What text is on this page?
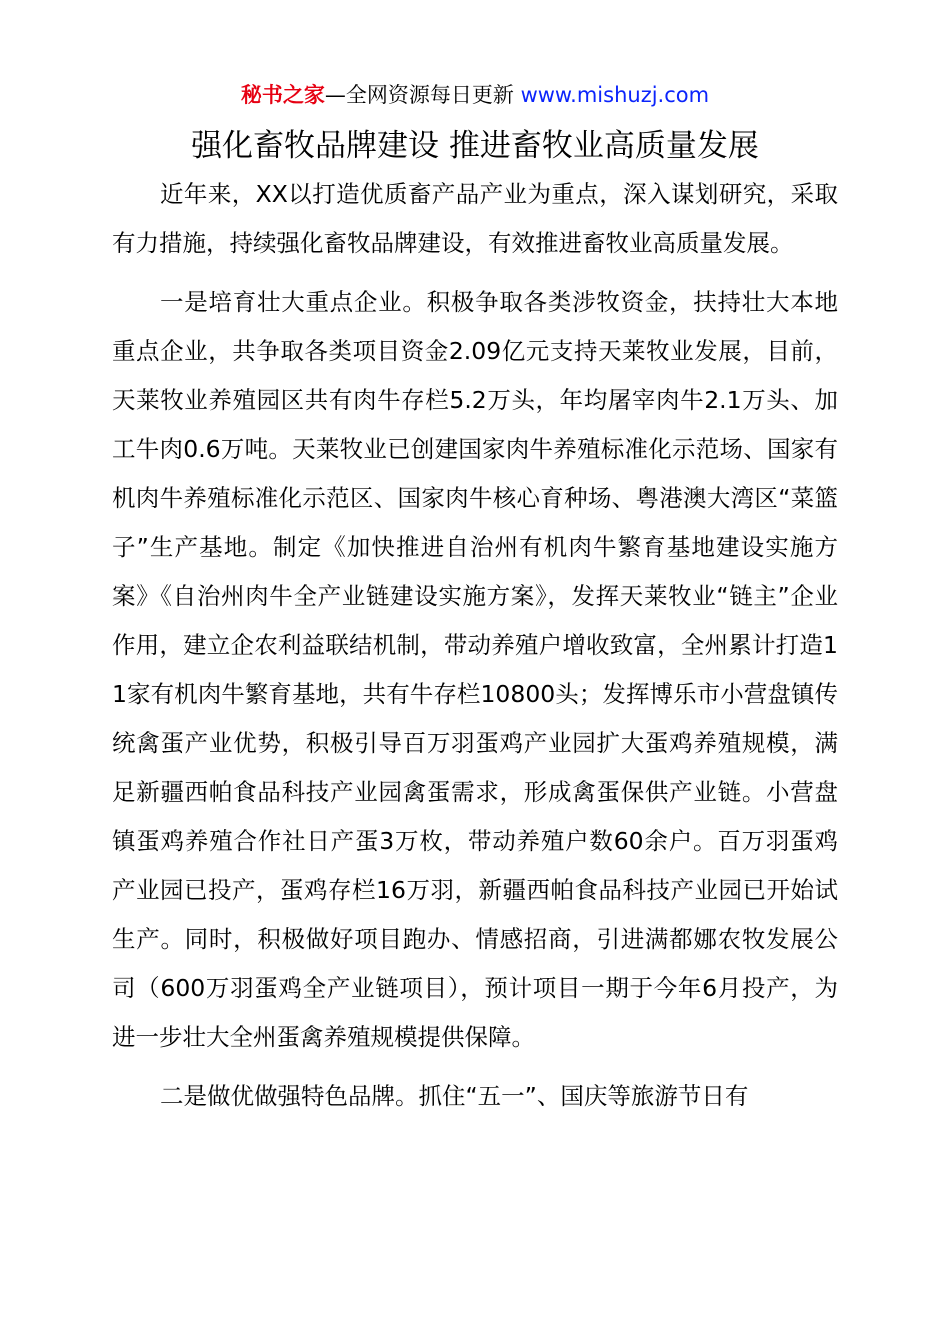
秘书之家—全网资源每日更新 www.mishuzj.com
强化畜牧品牌建设 推进畜牧业高质量发展

近年来，XX以打造优质畜产品产业为重点，深入谋划研究，采取有力措施，持续强化畜牧品牌建设，有效推进畜牧业高质量发展。

一是培育壮大重点企业。积极争取各类涉牧资金，扶持壮大本地重点企业，共争取各类项目资金2.09亿元支持天莱牧业发展，目前，天莱牧业养殖园区共有肉牛存栏5.2万头，年均屠宰肉牛2.1万头、加工牛肉0.6万吨。天莱牧业已创建国家肉牛养殖标准化示范场、国家有机肉牛养殖标准化示范区、国家肉牛核心育种场、粤港澳大湾区“菜篮子”生产基地。制定《加快推进自治州有机肉牛繁育基地建设实施方案》《自治州肉牛全产业链建设实施方案》，发挥天莱牧业“链主”企业作用，建立企农利益联结机制，带动养殖户增收致富，全州累计打造11家有机肉牛繁育基地，共有牛存栏10800头；发挥博乐市小营盘镇传统禽蛋产业优势，积极引导百万羽蛋鸡产业园扩大蛋鸡养殖规模，满足新疆西帕食品科技产业园禽蛋需求，形成禽蛋保供产业链。小营盘镇蛋鸡养殖合作社日产蛋3万枚，带动养殖户数60余户。百万羽蛋鸡产业园已投产，蛋鸡存栏16万羽，新疆西帕食品科技产业园已开始试生产。同时，积极做好项目跑办、情感招商，引进满都娜农牧发展公司（600万羽蛋鸡全产业链项目），预计项目一期于今年6月投产，为进一步壮大全州蛋禽养殖规模提供保障。

二是做优做强特色品牌。抓住“五一”、国庆等旅游节日有
